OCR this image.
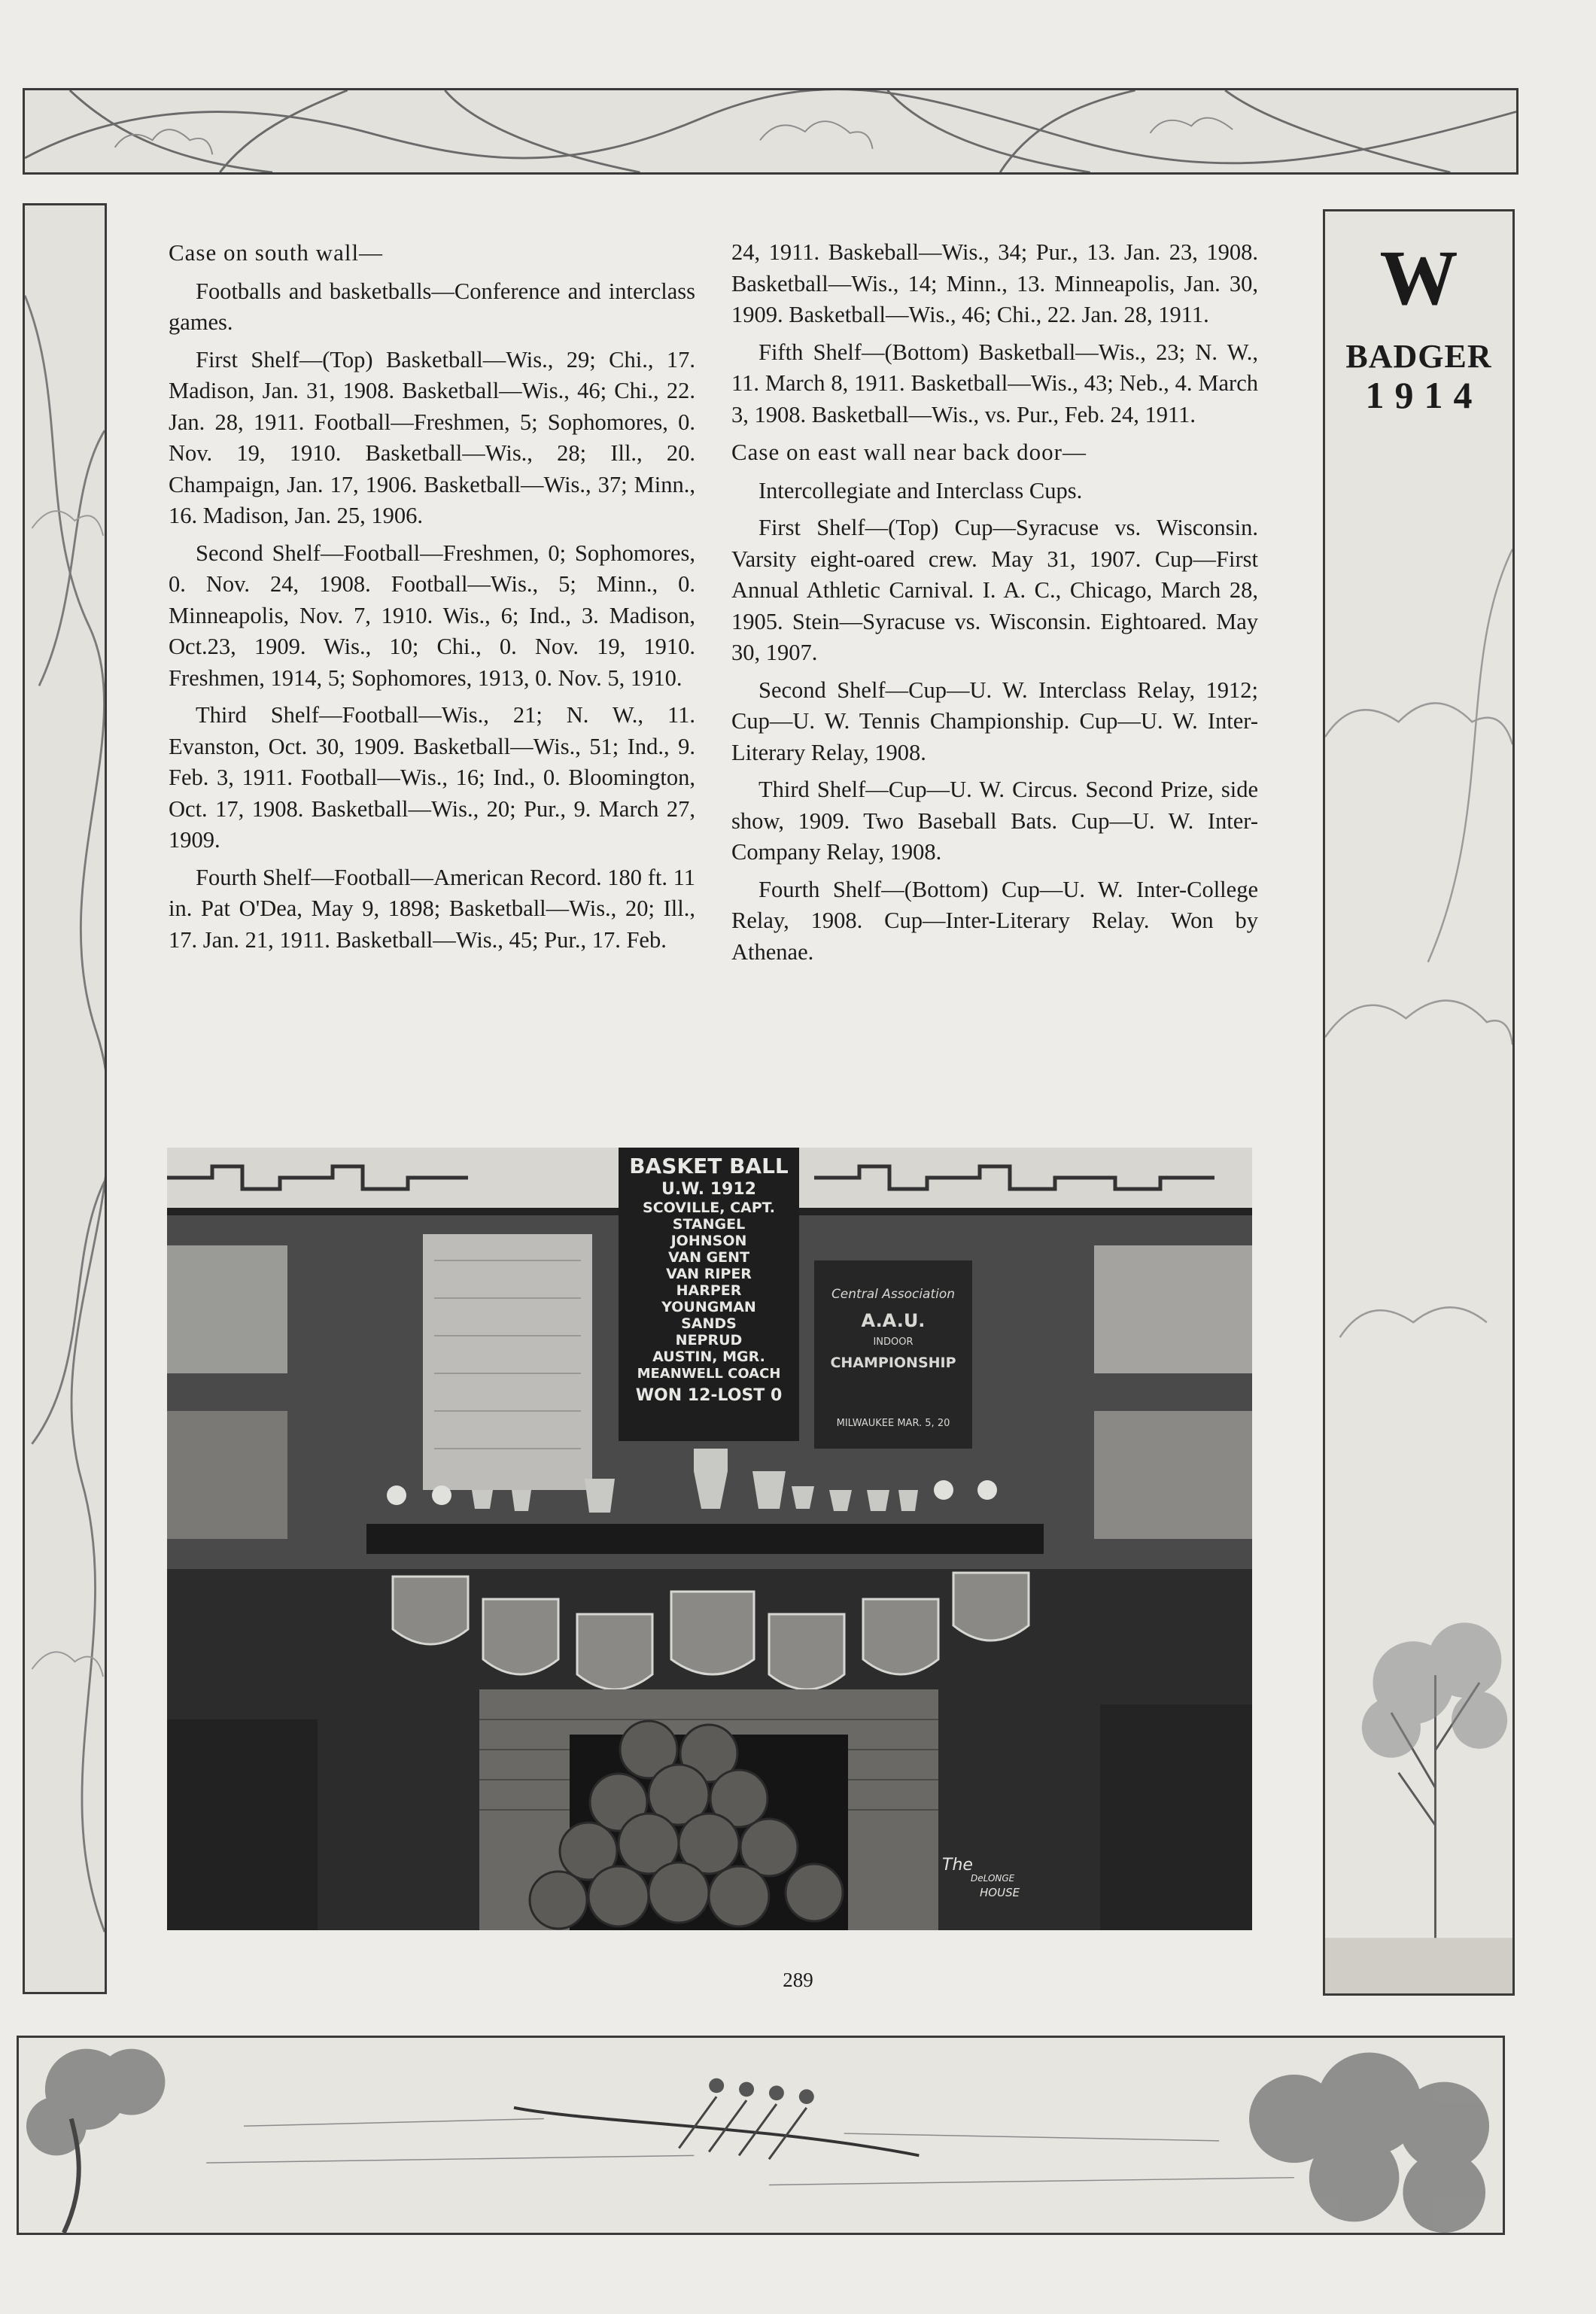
W
BADGER
1914
Case on south wall—

Footballs and basketballs—Conference and interclass games.

First Shelf—(Top) Basketball—Wis., 29; Chi., 17. Madison, Jan. 31, 1908. Basketball—Wis., 46; Chi., 22. Jan. 28, 1911. Football—Freshmen, 5; Sophomores, 0. Nov. 19, 1910. Basketball—Wis., 28; Ill., 20. Champaign, Jan. 17, 1906. Basketball—Wis., 37; Minn., 16. Madison, Jan. 25, 1906.

Second Shelf—Football—Freshmen, 0; Sophomores, 0. Nov. 24, 1908. Football—Wis., 5; Minn., 0. Minneapolis, Nov. 7, 1910. Wis., 6; Ind., 3. Madison, Oct.23, 1909. Wis., 10; Chi., 0. Nov. 19, 1910. Freshmen, 1914, 5; Sophomores, 1913, 0. Nov. 5, 1910.

Third Shelf—Football—Wis., 21; N. W., 11. Evanston, Oct. 30, 1909. Basketball—Wis., 51; Ind., 9. Feb. 3, 1911. Football—Wis., 16; Ind., 0. Bloomington, Oct. 17, 1908. Basketball—Wis., 20; Pur., 9. March 27, 1909.

Fourth Shelf—Football—American Record. 180 ft. 11 in. Pat O'Dea, May 9, 1898; Basketball—Wis., 20; Ill., 17. Jan. 21, 1911. Basketball—Wis., 45; Pur., 17. Feb.

24, 1911. Baskeball—Wis., 34; Pur., 13. Jan. 23, 1908. Basketball—Wis., 14; Minn., 13. Minneapolis, Jan. 30, 1909. Basketball—Wis., 46; Chi., 22. Jan. 28, 1911.

Fifth Shelf—(Bottom) Basketball—Wis., 23; N. W., 11. March 8, 1911. Basketball—Wis., 43; Neb., 4. March 3, 1908. Basketball—Wis., vs. Pur., Feb. 24, 1911.

Case on east wall near back door—

Intercollegiate and Interclass Cups.

First Shelf—(Top) Cup—Syracuse vs. Wisconsin. Varsity eight-oared crew. May 31, 1907. Cup—First Annual Athletic Carnival. I. A. C., Chicago, March 28, 1905. Stein—Syracuse vs. Wisconsin. Eightoared. May 30, 1907.

Second Shelf—Cup—U. W. Interclass Relay, 1912; Cup—U. W. Tennis Championship. Cup—U. W. Inter-Literary Relay, 1908.

Third Shelf—Cup—U. W. Circus. Second Prize, side show, 1909. Two Baseball Bats. Cup—U. W. Inter-Company Relay, 1908.

Fourth Shelf—(Bottom) Cup—U. W. Inter-College Relay, 1908. Cup—Inter-Literary Relay. Won by Athenae.

BASKET BALL
U.W. 1912
SCOVILLE, CAPT.
STANGEL
JOHNSON
VAN GENT
VAN RIPER
HARPER
YOUNGMAN
SANDS
NEPRUD
AUSTIN, MGR.
MEANWELL COACH
WON 12-LOST 0
Central Association
A.A.U.
INDOOR
CHAMPIONSHIP
MILWAUKEE MAR. 5, 20
The
DeLONGE
HOUSE
289
